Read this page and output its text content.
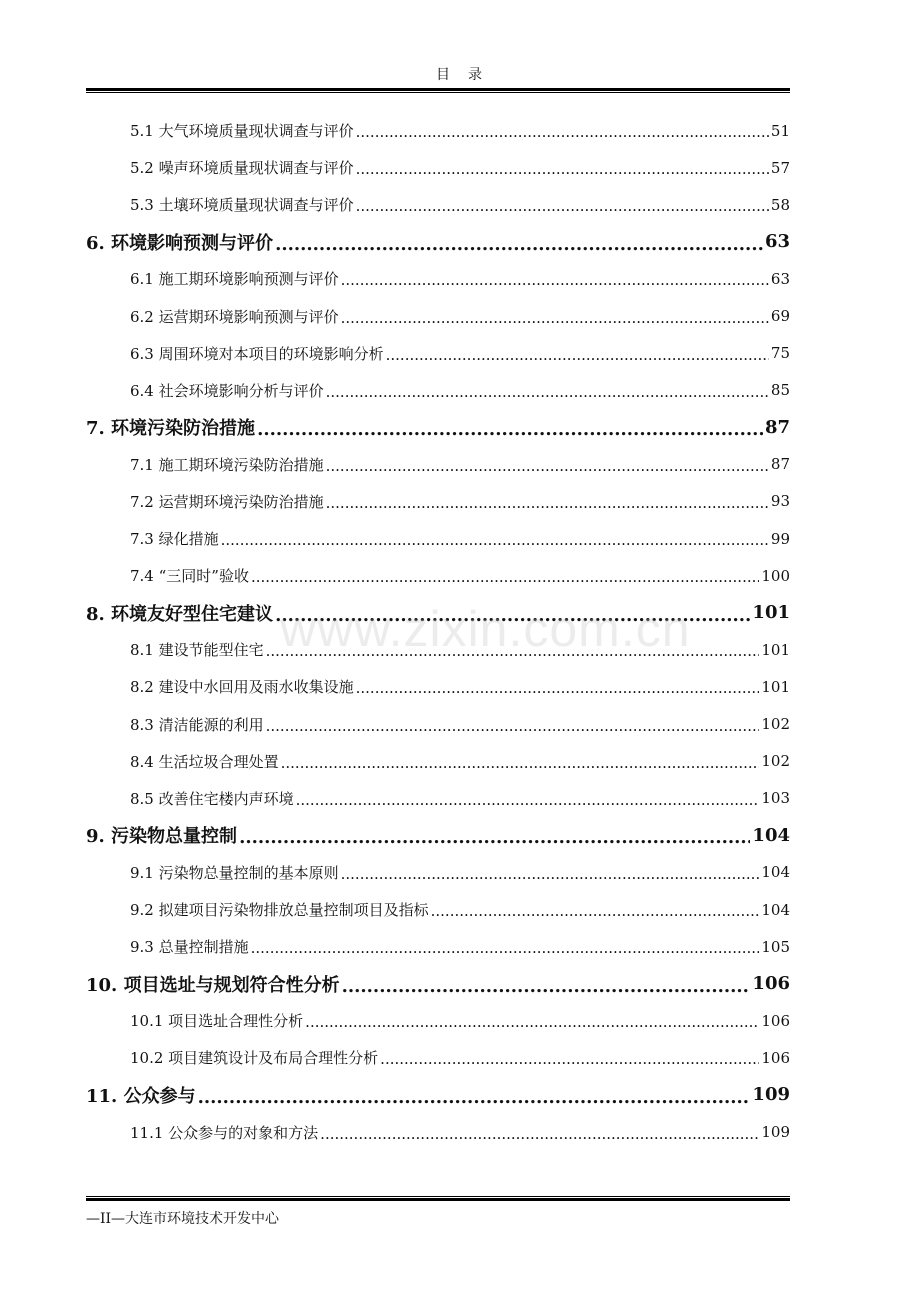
目　录
5.1 大气环境质量现状调查与评价 .....	51
5.2 噪声环境质量现状调查与评价 .....	57
5.3 土壤环境质量现状调查与评价 .....	58
6. 环境影响预测与评价 .....	63
6.1 施工期环境影响预测与评价 .....	63
6.2 运营期环境影响预测与评价 .....	69
6.3 周围环境对本项目的环境影响分析 .....	75
6.4 社会环境影响分析与评价 .....	85
7. 环境污染防治措施 .....	87
7.1 施工期环境污染防治措施 .....	87
7.2 运营期环境污染防治措施 .....	93
7.3 绿化措施 .....	99
7.4 “三同时”验收 .....	100
8. 环境友好型住宅建议 .....	101
8.1 建设节能型住宅 .....	101
8.2 建设中水回用及雨水收集设施 .....	101
8.3 清洁能源的利用 .....	102
8.4 生活垃圾合理处置 .....	102
8.5 改善住宅楼内声环境 .....	103
9. 污染物总量控制 .....	104
9.1 污染物总量控制的基本原则 .....	104
9.2 拟建项目污染物排放总量控制项目及指标 .....	104
9.3 总量控制措施 .....	105
10. 项目选址与规划符合性分析 .....	106
10.1 项目选址合理性分析 .....	106
10.2 项目建筑设计及布局合理性分析 .....	106
11. 公众参与 .....	109
11.1 公众参与的对象和方法 .....	109
www.zixin.com.cn
—II—大连市环境技术开发中心
